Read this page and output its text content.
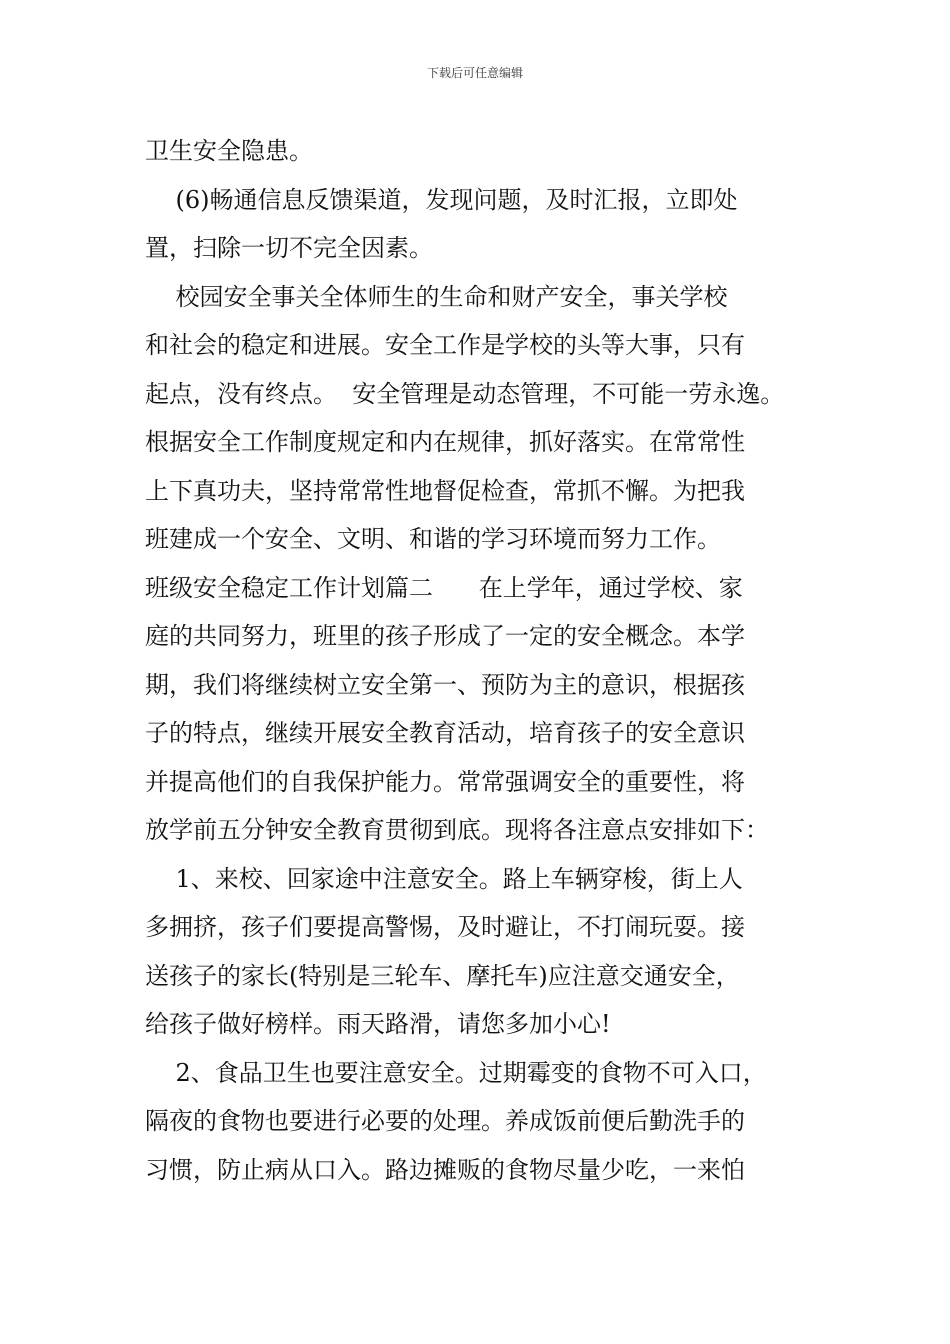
下载后可任意编辑
卫生安全隐患。
(6)畅通信息反馈渠道，发现问题，及时汇报，立即处
置，扫除一切不完全因素。
校园安全事关全体师生的生命和财产安全，事关学校
和社会的稳定和进展。安全工作是学校的头等大事，只有
起点，没有终点。  安全管理是动态管理，不可能一劳永逸。
根据安全工作制度规定和内在规律，抓好落实。在常常性
上下真功夫，坚持常常性地督促检查，常抓不懈。为把我
班建成一个安全、文明、和谐的学习环境而努力工作。
班级安全稳定工作计划篇二      在上学年，通过学校、家
庭的共同努力，班里的孩子形成了一定的安全概念。本学
期，我们将继续树立安全第一、预防为主的意识，根据孩
子的特点，继续开展安全教育活动，培育孩子的安全意识
并提高他们的自我保护能力。常常强调安全的重要性，将
放学前五分钟安全教育贯彻到底。现将各注意点安排如下：
1、来校、回家途中注意安全。路上车辆穿梭，街上人
多拥挤，孩子们要提高警惕，及时避让，不打闹玩耍。接
送孩子的家长(特别是三轮车、摩托车)应注意交通安全，
给孩子做好榜样。雨天路滑，请您多加小心!
2、食品卫生也要注意安全。过期霉变的食物不可入口，
隔夜的食物也要进行必要的处理。养成饭前便后勤洗手的
习惯，防止病从口入。路边摊贩的食物尽量少吃，一来怕
